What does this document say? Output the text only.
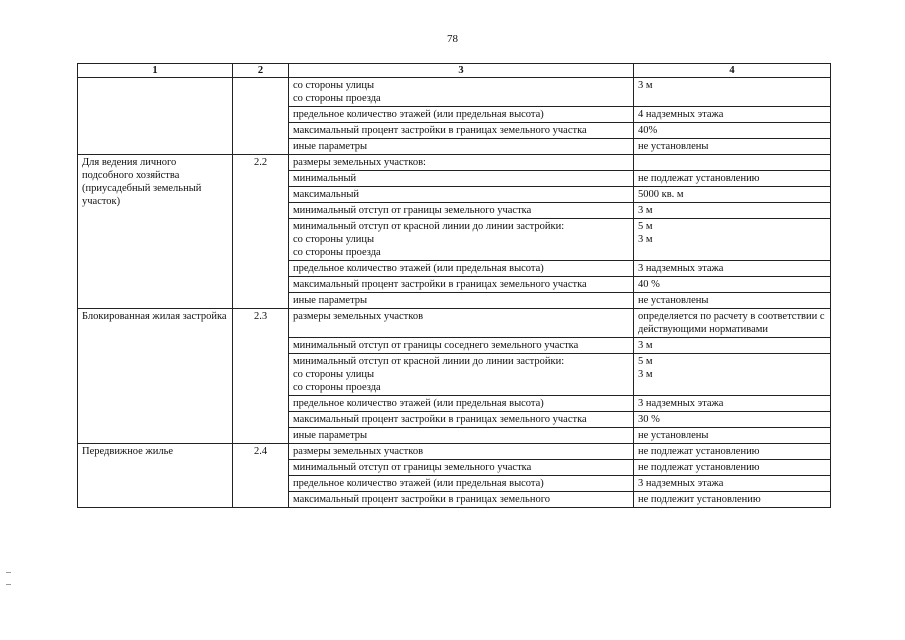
78
1	2	3	4

		со стороны улицы
со стороны проезда	3 м
		предельное количество этажей (или предельная высота)	4 надземных этажа
		максимальный процент застройки в границах земельного участка	40%
		иные параметры	не установлены
Для ведения личного подсобного хозяйства (приусадебный земельный участок)	2.2	размеры земельных участков:	
		минимальный	не подлежат установлению
		максимальный	5000 кв. м
		минимальный отступ от границы земельного участка	3 м

		минимальный отступ от красной линии до линии застройки:
со стороны улицы
со стороны проезда	5 м
3 м

		предельное количество этажей (или предельная высота)	3 надземных этажа
		максимальный процент застройки в границах земельного участка	40 %
		иные параметры	не установлены
Блокированная жилая застройка	2.3	размеры земельных участков	определяется по расчету в соответствии с действующими нормативами
		минимальный отступ от границы соседнего земельного участка	3 м

		минимальный отступ от красной линии до линии застройки:
со стороны улицы
со стороны проезда	5 м
3 м

		предельное количество этажей (или предельная высота)	3 надземных этажа
		максимальный процент застройки в границах земельного участка	30 %
		иные параметры	не установлены
Передвижное жилье	2.4	размеры земельных участков	не подлежат установлению
		минимальный отступ от границы земельного участка	не подлежат установлению
		предельное количество этажей (или предельная высота)	3 надземных этажа
		максимальный процент застройки в границах земельного	не подлежит установлению
